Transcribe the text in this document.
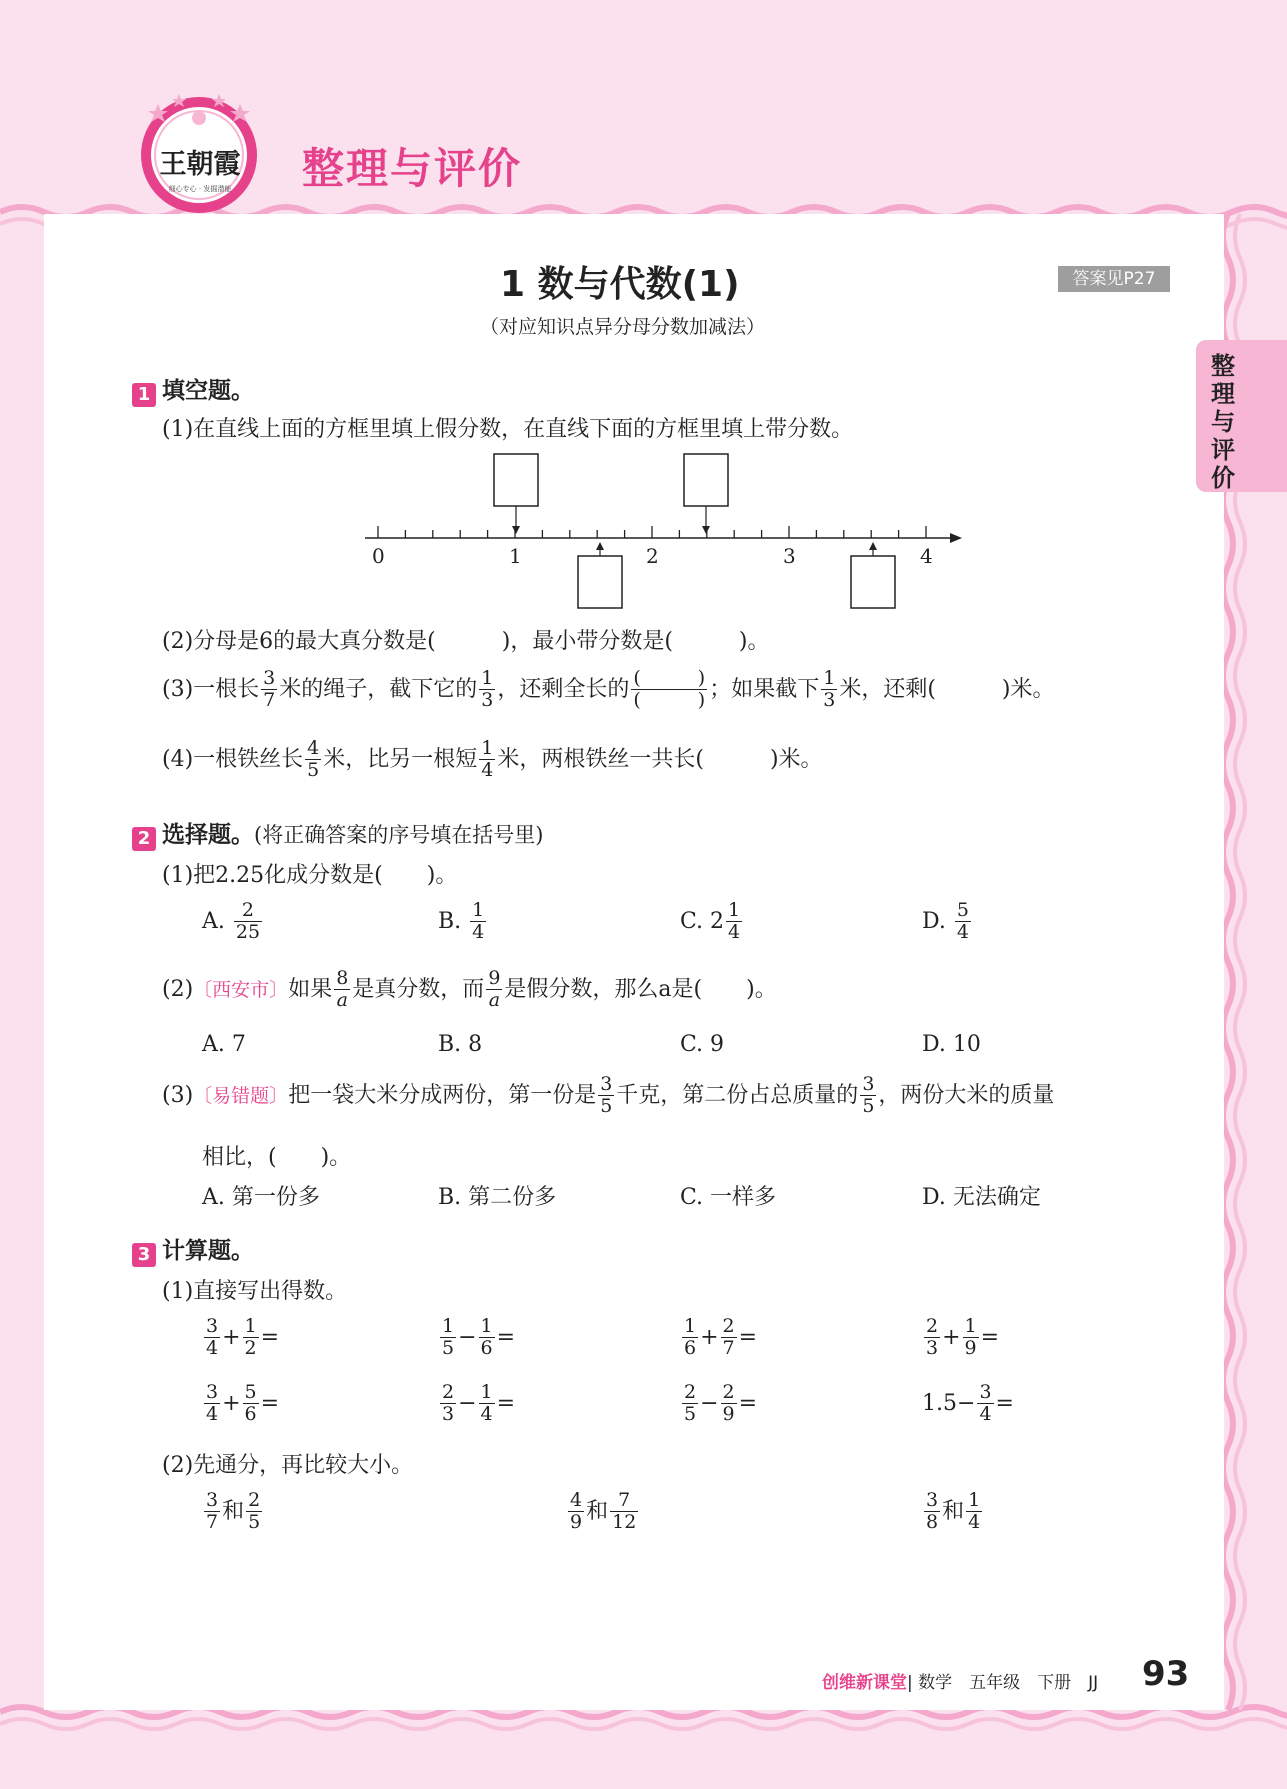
王朝霞
细心专心 · 发掘潜能	整理与评价
整理与评价
1 数与代数(1)	答案见P27
（对应知识点异分母分数加减法）
1 填空题。
(1)在直线上面的方框里填上假分数，在直线下面的方框里填上带分数。
0	1	2	3	4
(2)分母是6的最大真分数是(　　　)，最小带分数是(　　　)。
(3)一根长 $\frac{3}{7}$ 米的绳子，截下它的 $\frac{1}{3}$ ，还剩全长的 $\frac{( )}{( )}$ ；如果截下 $\frac{1}{3}$ 米，还剩(　　　)米。
(4)一根铁丝长 $\frac{4}{5}$ 米，比另一根短 $\frac{1}{4}$ 米，两根铁丝一共长(　　　)米。
2 选择题。(将正确答案的序号填在括号里)
(1)把2.25化成分数是(　　)。
A. $\frac{2}{25}$	B. $\frac{1}{4}$	C. $2 \frac{1}{4}$	D. $\frac{5}{4}$
(2)〔西安市〕如果 $\frac{8}{a}$ 是真分数，而 $\frac{9}{a}$ 是假分数，那么a是(　　)。
A. 7	B. 8	C. 9	D. 10
(3)〔易错题〕把一袋大米分成两份，第一份是 $\frac{3}{5}$ 千克，第二份占总质量的 $\frac{3}{5}$ ，两份大米的质量
相比，(　　)。
A. 第一份多	B. 第二份多	C. 一样多	D. 无法确定
3 计算题。
(1)直接写出得数。
$\frac{3}{4} + \frac{1}{2}$ =	$\frac{1}{5} - \frac{1}{6}$ =	$\frac{1}{6} + \frac{2}{7}$ =	$\frac{2}{3} + \frac{1}{9}$ =
$\frac{3}{4} + \frac{5}{6}$ =	$\frac{2}{3} - \frac{1}{4}$ =	$\frac{2}{5} - \frac{2}{9}$ =	$1.5- \frac{3}{4}$ =
(2)先通分，再比较大小。
$\frac{3}{7}$ 和 $\frac{2}{5}$	$\frac{4}{9}$ 和 $\frac{7}{12}$	$\frac{3}{8}$ 和 $\frac{1}{4}$
创维新课堂| 数学　五年级　下册　JJ 93
